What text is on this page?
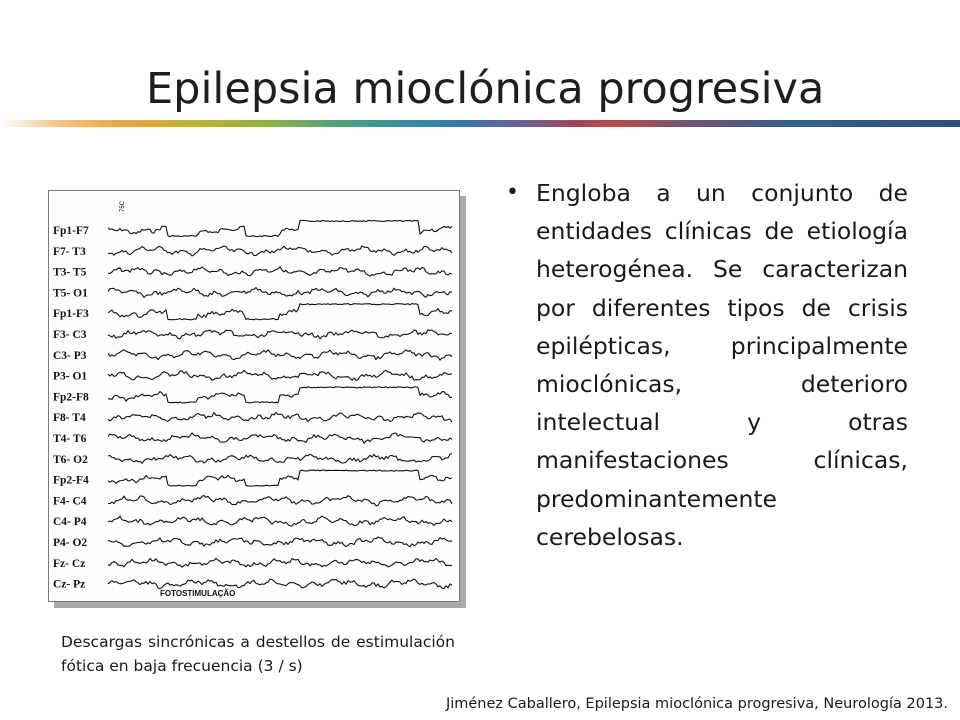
Epilepsia mioclónica progresiva
Fp1-F7
F7- T3
T3- T5
T5- O1
Fp1-F3
F3- C3
C3- P3
P3- O1
Fp2-F8
F8- T4
T4- T6
T6- O2
Fp2-F4
F4- C4
C4- P4
P4- O2
Fz- Cz
Cz- Pz
FOTOSTIMULAÇÃO
75C
Descargas sincrónicas a destellos de estimulación fótica en baja frecuencia (3 / s)
• Engloba a un conjunto de entidades clínicas de etiología heterogénea. Se caracterizan por diferentes tipos de crisis epilépticas, principalmente mioclónicas, deterioro intelectual y otras manifestaciones clínicas, predominantemente cerebelosas.
Jiménez Caballero, Epilepsia mioclónica progresiva, Neurología 2013.
